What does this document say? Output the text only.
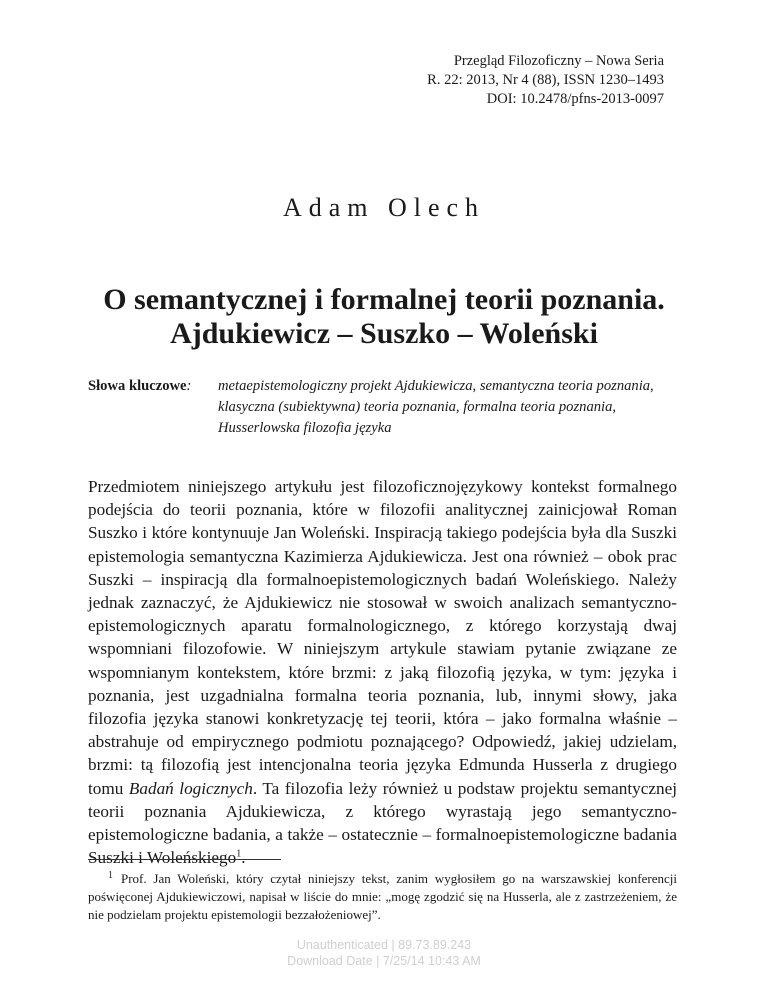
Przegląd Filozoficzny – Nowa Seria
R. 22: 2013, Nr 4 (88), ISSN 1230–1493
DOI: 10.2478/pfns-2013-0097
Adam Olech
O semantycznej i formalnej teorii poznania.
Ajdukiewicz – Suszko – Woleński
Słowa kluczowe:	metaepistemologiczny projekt Ajdukiewicza, semantyczna teoria poznania, klasyczna (subiektywna) teoria poznania, formalna teoria poznania, Husserlowska filozofia języka
Przedmiotem niniejszego artykułu jest filozoficznojęzykowy kontekst formalnego podejścia do teorii poznania, które w filozofii analitycznej zainicjował Roman Suszko i które kontynuuje Jan Woleński. Inspiracją takiego podejścia była dla Suszki epistemologia semantyczna Kazimierza Ajdukiewicza. Jest ona również – obok prac Suszki – inspiracją dla formalnoepistemologicznych badań Woleńskiego. Należy jednak zaznaczyć, że Ajdukiewicz nie stosował w swoich analizach semantyczno-epistemologicznych aparatu formalnologicznego, z którego korzystają dwaj wspomniani filozofowie. W niniejszym artykule stawiam pytanie związane ze wspomnianym kontekstem, które brzmi: z jaką filozofią języka, w tym: języka i poznania, jest uzgadnialna formalna teoria poznania, lub, innymi słowy, jaka filozofia języka stanowi konkretyzację tej teorii, która – jako formalna właśnie – abstrahuje od empirycznego podmiotu poznającego? Odpowiedź, jakiej udzielam, brzmi: tą filozofią jest intencjonalna teoria języka Edmunda Husserla z drugiego tomu Badań logicznych. Ta filozofia leży również u podstaw projektu semantycznej teorii poznania Ajdukiewicza, z którego wyrastają jego semantyczno-epistemologiczne badania, a także – ostatecznie – formalnoepistemologiczne badania Suszki i Woleńskiego$^1$.
$^1$ Prof. Jan Woleński, który czytał niniejszy tekst, zanim wygłosiłem go na warszawskiej konferencji poświęconej Ajdukiewiczowi, napisał w liście do mnie: „mogę zgodzić się na Husserla, ale z zastrzeżeniem, że nie podzielam projektu epistemologii bezzałożeniowej”.
Unauthenticated | 89.73.89.243
Download Date | 7/25/14 10:43 AM
